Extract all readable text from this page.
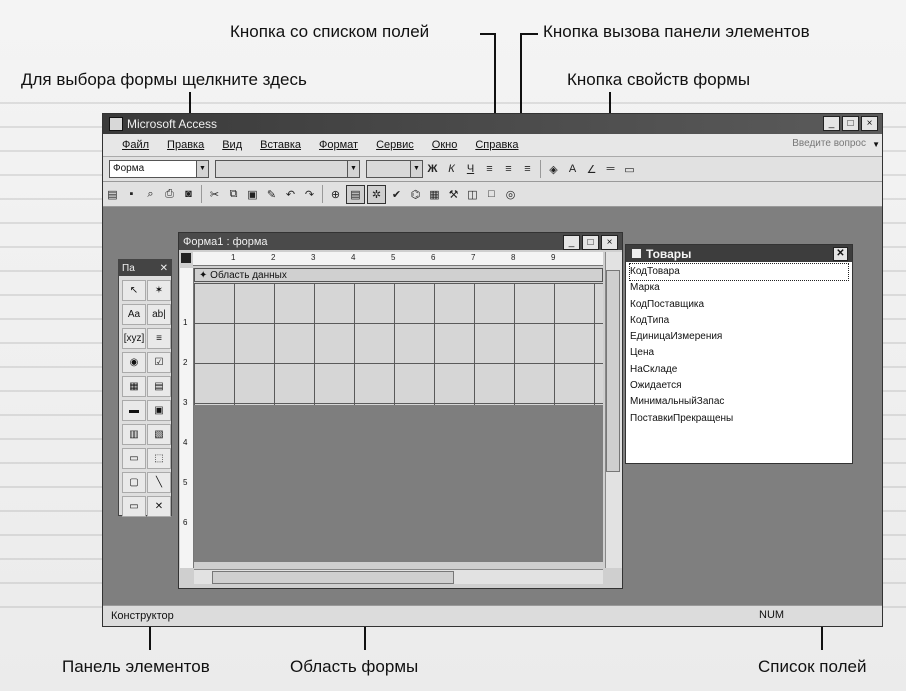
Кнопка со списком полей	Кнопка вызова панели элементов
Для выбора формы щелкните здесь	Кнопка свойств формы
Панель элементов	Область формы	Список полей
Microsoft Access	_	□	×
Файл	Правка	Вид	Вставка	Формат	Сервис	Окно	Справка	Введите вопрос ▼
Форма	▼	▼	▼ Ж К	Ч	≡	≡	≡	◈	A ∠ ═ ▭
▤	▪	⌕	⎙	◙	✂ ⧉ ▣ ✎ ↶ ↷	⊕ ▤	✲ ✔ ⌬ ▦ ⚒ ◫ □ ◎
Па ✕
↖	✶
Aa	ab|
[xyz]	≡
◉	☑
▦	▤
▬	▣
▥	▧
▭	⬚
▢	╲
▭	✕
Форма1 : форма	_	□	×
1	2	3	4	5	6	7	8	9
1
2
3
4
5
6
✦ Область данных
Товары	✕
КодТовара
Марка
КодПоставщика
КодТипа
ЕдиницаИзмерения
Цена
НаСкладе
Ожидается
МинимальныйЗапас
ПоставкиПрекращены
Конструктор	NUM
